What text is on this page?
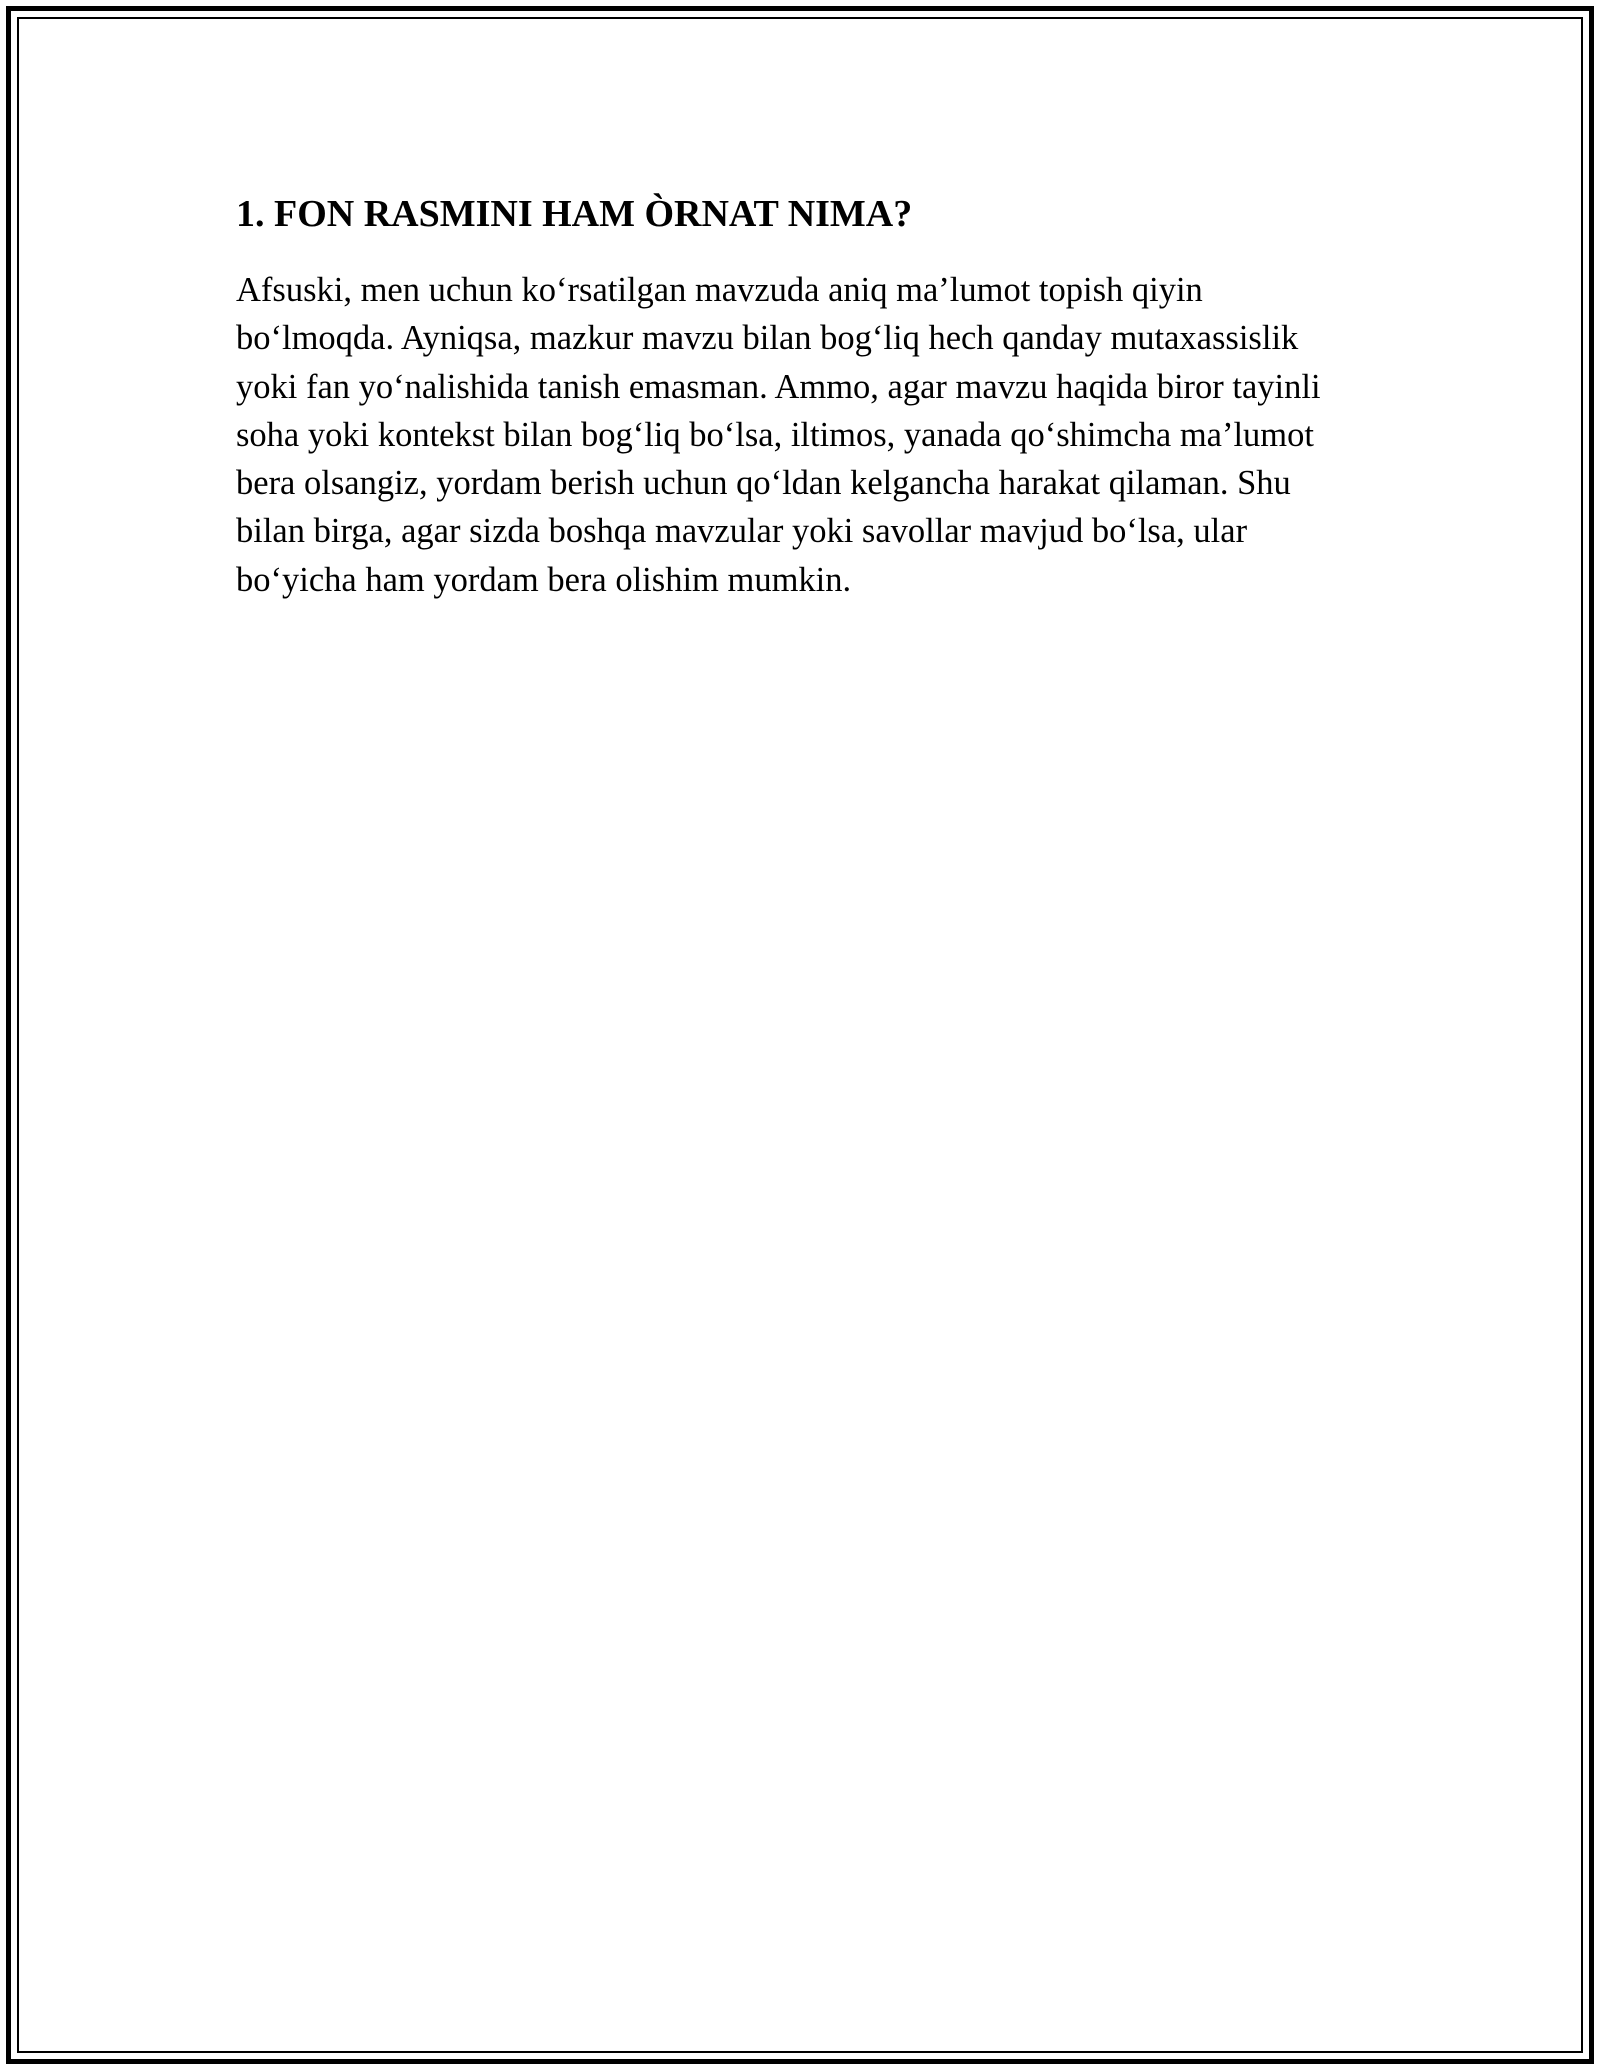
1. FON RASMINI HAM ÒRNAT NIMA?

Afsuski, men uchun ko‘rsatilgan mavzuda aniq ma’lumot topish qiyin bo‘lmoqda. Ayniqsa, mazkur mavzu bilan bog‘liq hech qanday mutaxassislik yoki fan yo‘nalishida tanish emasman. Ammo, agar mavzu haqida biror tayinli soha yoki kontekst bilan bog‘liq bo‘lsa, iltimos, yanada qo‘shimcha ma’lumot bera olsangiz, yordam berish uchun qo‘ldan kelgancha harakat qilaman. Shu bilan birga, agar sizda boshqa mavzular yoki savollar mavjud bo‘lsa, ular bo‘yicha ham yordam bera olishim mumkin.
